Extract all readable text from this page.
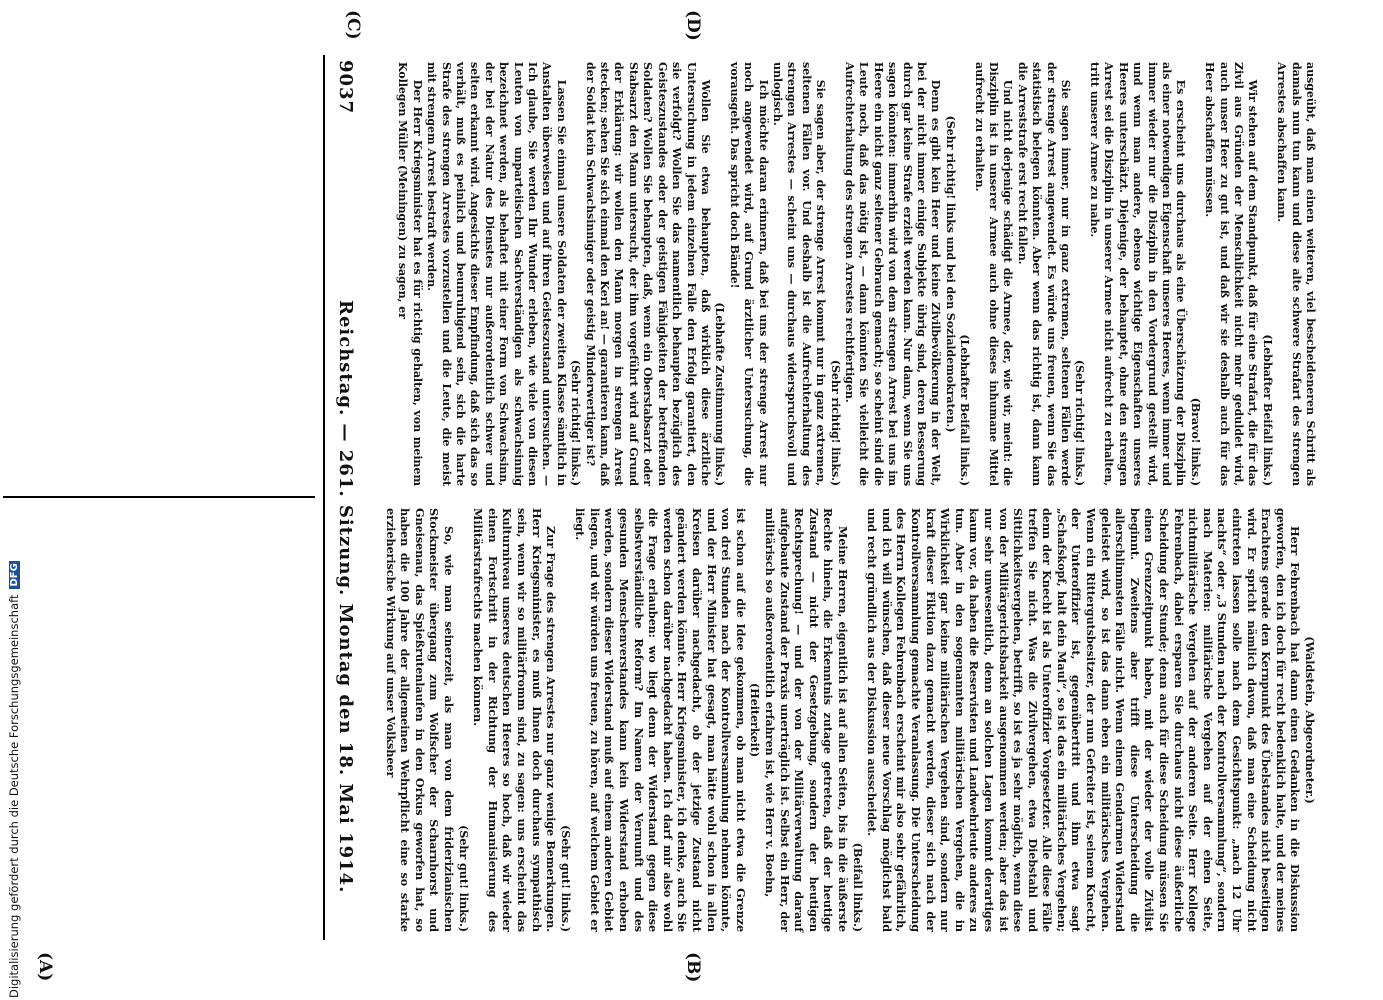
9037
Reichstag. — 261. Sitzung. Montag den 18. Mai 1914.
(C)	(D)
(A)	(B)

(Waldstein, Abgeordneter.)

Herr Fehrenbach hat dann einen Gedanken in die Diskussion geworfen, den ich doch für recht bedenklich halte, und der meines Erachtens gerade den Kernpunkt des Übelstandes nicht beseitigen wird. Er spricht nämlich davon, daß man eine Scheidung nicht eintreten lassen solle nach dem Gesichtspunkt: „nach 12 Uhr nachts“ oder „3 Stunden nach der Kontrollversammlung“, sondern nach Materien: militärische Vergehen auf der einen Seite, nichtmilitärische Vergehen auf der anderen Seite. Herr Kollege Fehrenbach, dabei ersparen Sie durchaus nicht diese äußerliche Scheidung der Stunde; denn auch für diese Scheidung müssen Sie einen Grenzzeitpunkt haben, mit der wieder der volle Zivilist beginnt. Zweitens aber trifft diese Unterscheidung die allerschlimmsten Fälle nicht. Wenn einem Gendarmen Widerstand geleistet wird, so ist das dann eben ein militärisches Vergehen. Wenn ein Rittergutsbesitzer, der nun Gefreiter ist, seinem Knecht, der Unteroffizier ist, gegenübertritt und ihm etwa sagt „Schafskopf, halt dein Maul“, so ist das ein militärisches Vergehen; denn der Knecht ist als Unteroffizier Vorgesetzter. Alle diese Fälle treffen Sie nicht. Was die Zivilvergehen, etwa Diebstahl und Sittlichkeitsvergehen, betrifft, so ist es ja sehr möglich, wenn diese von der Militärgerichtsbarkeit ausgenommen werden; aber das ist nur sehr unwesentlich, denn an solchen Lagen kommt derartiges kaum vor, da haben die Reservisten und Landwehrleute anderes zu tun. Aber in den sogenannten militärischen Vergehen, die in Wirklichkeit gar keine militärischen Vergehen sind, sondern nur kraft dieser Fiktion dazu gemacht werden, dieser sich nach der Kontrollversammlung gemachte Veranlassung. Die Unterscheidung des Herrn Kollegen Fehrenbach erscheint mir also sehr gefährlich, und ich will wünschen, daß dieser neue Vorschlag möglichst bald und recht gründlich aus der Diskussion ausscheidet.

(Beifall links.)

Meine Herren, eigentlich ist auf allen Seiten, bis in die äußerste Rechte hinein, die Erkenntnis zutage getreten, daß der heutige Zustand — nicht der Gesetzgebung, sondern der heutigen Rechtsprechung! — und der von der Militärverwaltung darauf aufgebaute Zustand der Praxis unerträglich ist. Selbst ein Herr, der militärisch so außerordentlich erfahren ist, wie Herr v. Boehn,

(Heiterkeit)

ist schon auf die Idee gekommen, ob man nicht etwa die Grenze von drei Stunden nach der Kontrollversammlung nehmen könnte, und der Herr Minister hat gesagt, man hätte wohl schon in allen Kreisen darüber nachgedacht, ob der jetzige Zustand nicht geändert werden könnte. Herr Kriegsminister, ich denke, auch Sie werden schon darüber nachgedacht haben. Ich darf mir also wohl die Frage erlauben: wo liegt denn der Widerstand gegen diese selbstverständliche Reform? Im Namen der Vernunft und des gesunden Menschenverstandes kann kein Widerstand erhoben werden, sondern dieser Widerstand muß auf einem anderen Gebiet liegen, und wir würden uns freuen, zu hören, auf welchem Gebiet er liegt.

(Sehr gut! links.)

Zur Frage des strengen Arrestes nur ganz wenige Bemerkungen. Herr Kriegsminister, es muß Ihnen doch durchaus sympathisch sein, wenn wir so militärfromm sind, zu sagen: uns erscheint das Kulturniveau unseres deutschen Heeres so hoch, daß wir wieder einen Fortschritt in der Richtung der Humanisierung des Militärstrafrechts machen können.

(Sehr gut! links.)

So, wie man seinerzeit, als man von dem friderizianischen Stockmeister übergang zum Wolfscher der Scharnhorst und Gneisenau, das Spießrutenlaufen in den Orkus geworfen hat, so haben die 100 Jahre der allgemeinen Wehrpflicht eine so starke erzieherische Wirkung auf unser Volksheer

ausgeübt, daß man einen weiteren, viel bescheideneren Schritt als damals nun tun kann und diese alte schwere Strafart des strengen Arrestes abschaffen kann.

(Lebhafter Beifall links.)

Wir stehen auf dem Standpunkt, daß für eine Strafart, die für das Zivil aus Gründen der Menschlichkeit nicht mehr geduldet wird, auch unser Heer zu gut ist, und daß wir sie deshalb auch für das Heer abschaffen müssen.

(Bravo! links.)

Es erscheint uns durchaus als eine Überschätzung der Disziplin als einer notwendigen Eigenschaft unseres Heeres, wenn immer und immer wieder nur die Disziplin in den Vordergrund gestellt wird, und wenn man andere, ebenso wichtige Eigenschaften unseres Heeres unterschätzt. Diejenige, der behauptet, ohne den strengen Arrest sei die Disziplin in unserer Armee nicht aufrecht zu erhalten, tritt unserer Armee zu nahe.

(Sehr richtig! links.)

Sie sagen immer, nur in ganz extremen, seltenen Fällen werde der strenge Arrest angewendet. Es würde uns freuen, wenn Sie das statistisch belegen könnten. Aber wenn das richtig ist, dann kann die Arreststrafe erst recht fallen.

Und nicht derjenige schädigt die Armee, der, wie wir, meint: die Disziplin ist in unserer Armee auch ohne dieses inhumane Mittel aufrecht zu erhalten.

(Lebhafter Beifall links.)

(Sehr richtig! links und bei den Sozialdemokraten.)

Denn es gibt kein Heer und keine Zivilbevölkerung in der Welt, bei der nicht immer einige Subjekte übrig sind, deren Besserung durch gar keine Strafe erzielt werden kann. Nur dann, wenn Sie uns sagen könnten: immerhin wird von dem strengen Arrest bei uns im Heere ein nicht ganz seltener Gebrauch gemacht; so scheint sind die Leute noch, daß das nötig ist, — dann könnten Sie vielleicht die Aufrechterhaltung des strengen Arrestes rechtfertigen.

(Sehr richtig! links.)

Sie sagen aber, der strenge Arrest kommt nur in ganz extremen, seltenen Fällen vor. Und deshalb ist die Aufrechterhaltung des strengen Arrestes — scheint uns — durchaus widerspruchsvoll und unlogisch.

Ich möchte daran erinnern, daß bei uns der strenge Arrest nur noch angewendet wird, auf Grund ärztlicher Untersuchung, die vorausgeht. Das spricht doch Bände!

(Lebhafte Zustimmung links.)

Wollen Sie etwa behaupten, daß wirklich diese ärztliche Untersuchung in jedem einzelnen Falle den Erfolg garantiert, den sie verfolgt? Wollen Sie das namentlich behaupten bezüglich des Geisteszustandes oder der geistigen Fähigkeiten der betreffenden Soldaten? Wollen Sie behaupten, daß, wenn ein Oberstabsarzt oder Stabsarzt den Mann untersucht, der ihm vorgeführt wird auf Grund der Erklärung: wir wollen den Mann morgen in strengen Arrest stecken; sehen Sie sich einmal den Kerl an! — garantieren kann, daß der Soldat kein Schwachsinniger oder geistig Minderwertiger ist?

(Sehr richtig! links.)

Lassen Sie einmal unsere Soldaten der zweiten Klasse sämtlich in Anstalten überweisen und auf ihren Geisteszustand untersuchen. — Ich glaube, Sie werden Ihr Wunder erleben, wie viele von diesen Leuten von unparteiischen Sachverständigen als schwachsinnig bezeichnet werden, als behaftet mit einer Form von Schwachsinn, der bei der Natur des Dienstes nur außerordentlich schwer und selten erkannt wird. Angesichts dieser Empfindung, daß sich das so verhält, muß es peinlich und beunruhigend sein, sich die harte Strafe des strengen Arrestes vorzustellen und die Leute, die meist mit strengem Arrest bestraft werden.

Der Herr Kriegsminister hat es für richtig gehalten, von meinem Kollegen Müller (Meiningen) zu sagen, er

Digitalisierung gefördert durch die Deutsche Forschungsgemeinschaft
DFG
